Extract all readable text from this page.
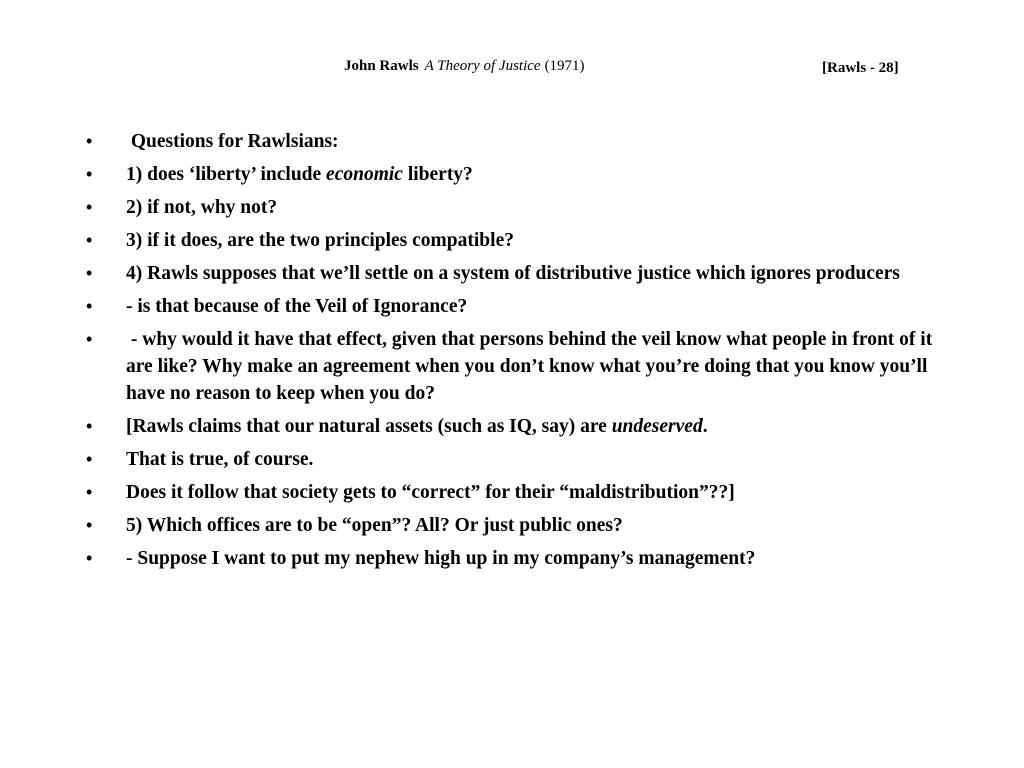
John Rawls A Theory of Justice (1971)	[Rawls - 28]
• Questions for Rawlsians:
• 1) does ‘liberty’ include economic liberty?
• 2) if not, why not?
• 3) if it does, are the two principles compatible?
• 4) Rawls supposes that we’ll settle on a system of distributive justice which ignores producers
• - is that because of the Veil of Ignorance?
• - why would it have that effect, given that persons behind the veil know what people in front of it are like? Why make an agreement when you don’t know what you’re doing that you know you’ll have no reason to keep when you do?
• [Rawls claims that our natural assets (such as IQ, say) are undeserved.
• That is true, of course.
• Does it follow that society gets to “correct” for their “maldistribution”??]
• 5) Which offices are to be “open”? All? Or just public ones?
• - Suppose I want to put my nephew high up in my company’s management?
